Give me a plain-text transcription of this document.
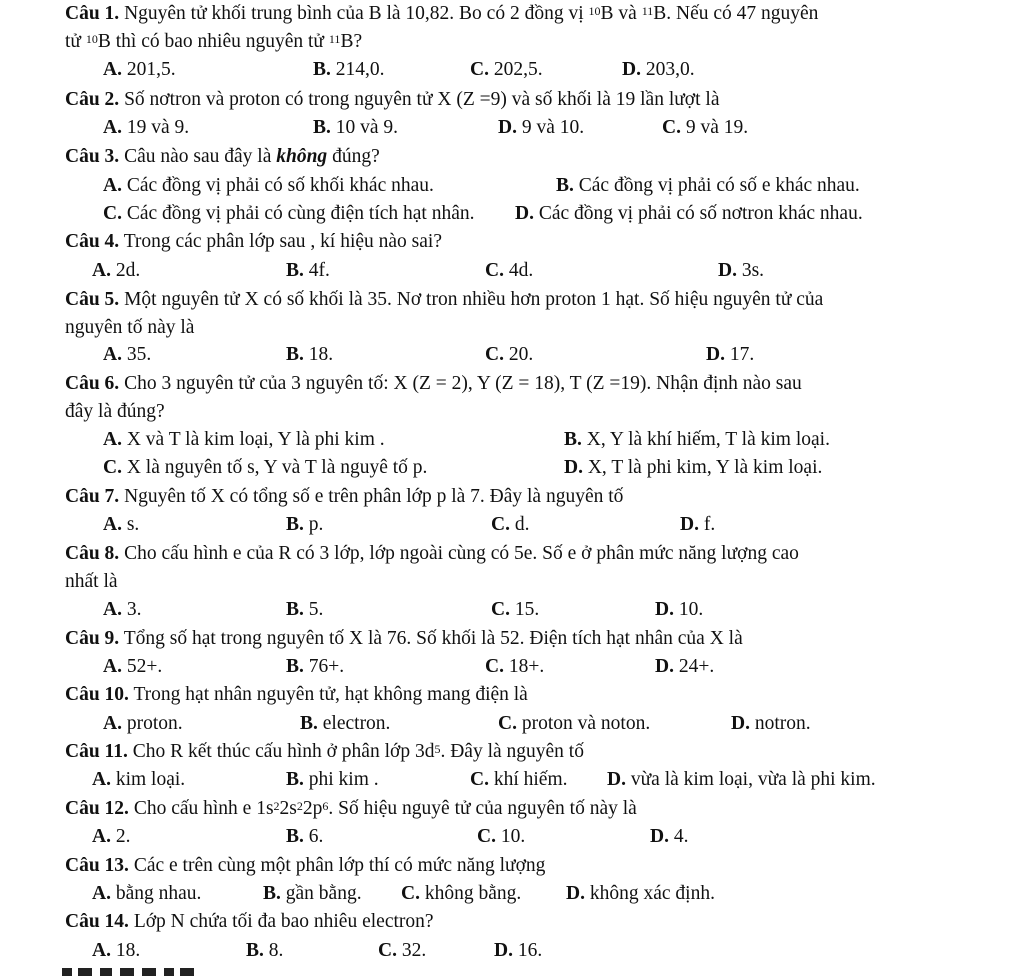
Câu 1. Nguyên tử khối trung bình của B là 10,82. Bo có 2 đồng vị $^{10}$B và $^{11}$B. Nếu có 47 nguyên
tử $^{10}$B thì có bao nhiêu nguyên tử $^{11}$B?
A. 201,5.	B. 214,0.	C. 202,5.	D. 203,0.
Câu 2. Số nơtron và proton có trong nguyên tử X (Z =9) và số khối là 19 lần lượt là
A. 19 và 9.	B. 10 và 9.	D. 9 và 10.	C. 9 và 19.
Câu 3. Câu nào sau đây là không đúng?
A. Các đồng vị phải có số khối khác nhau.	B. Các đồng vị phải có số e khác nhau.
C. Các đồng vị phải có cùng điện tích hạt nhân. D. Các đồng vị phải có số nơtron khác nhau.
Câu 4. Trong các phân lớp sau , kí hiệu nào sai?
A. 2d.	B. 4f.	C. 4d.	D. 3s.
Câu 5. Một nguyên tử X có số khối là 35. Nơ tron nhiều hơn proton 1 hạt. Số hiệu nguyên tử của
nguyên tố này là
A. 35.	B. 18.	C. 20.	D. 17.
Câu 6. Cho 3 nguyên tử của 3 nguyên tố: X (Z = 2), Y (Z = 18), T (Z =19). Nhận định nào sau
đây là đúng?
A. X và T là kim loại, Y là phi kim .	B. X, Y là khí hiếm, T là kim loại.
C. X là nguyên tố s, Y và T là nguyê tố p.	D. X, T là phi kim, Y là kim loại.
Câu 7. Nguyên tố X có tổng số e trên phân lớp p là 7. Đây là nguyên tố
A. s.	B. p.	C. d.	D. f.
Câu 8. Cho cấu hình e của R có 3 lớp, lớp ngoài cùng có 5e. Số e ở phân mức năng lượng cao
nhất là
A. 3.	B. 5.	C. 15.	D. 10.
Câu 9. Tổng số hạt trong nguyên tố X là 76. Số khối là 52. Điện tích hạt nhân của X là
A. 52+.	B. 76+.	C. 18+.	D. 24+.
Câu 10. Trong hạt nhân nguyên tử, hạt không mang điện là
A. proton.	B. electron.	C. proton và noton.	D. notron.
Câu 11. Cho R kết thúc cấu hình ở phân lớp $3d^5$. Đây là nguyên tố
A. kim loại.	B. phi kim .	C. khí hiếm. D. vừa là kim loại, vừa là phi kim.
Câu 12. Cho cấu hình e $1s^22s^22p^6$. Số hiệu nguyê tử của nguyên tố này là
A. 2.	B. 6.	C. 10.	D. 4.
Câu 13. Các e trên cùng một phân lớp thí có mức năng lượng
A. bằng nhau.	B. gần bằng. C. không bằng. D. không xác định.
Câu 14. Lớp N chứa tối đa bao nhiêu electron?
A. 18.	B. 8.	C. 32.	D. 16.
